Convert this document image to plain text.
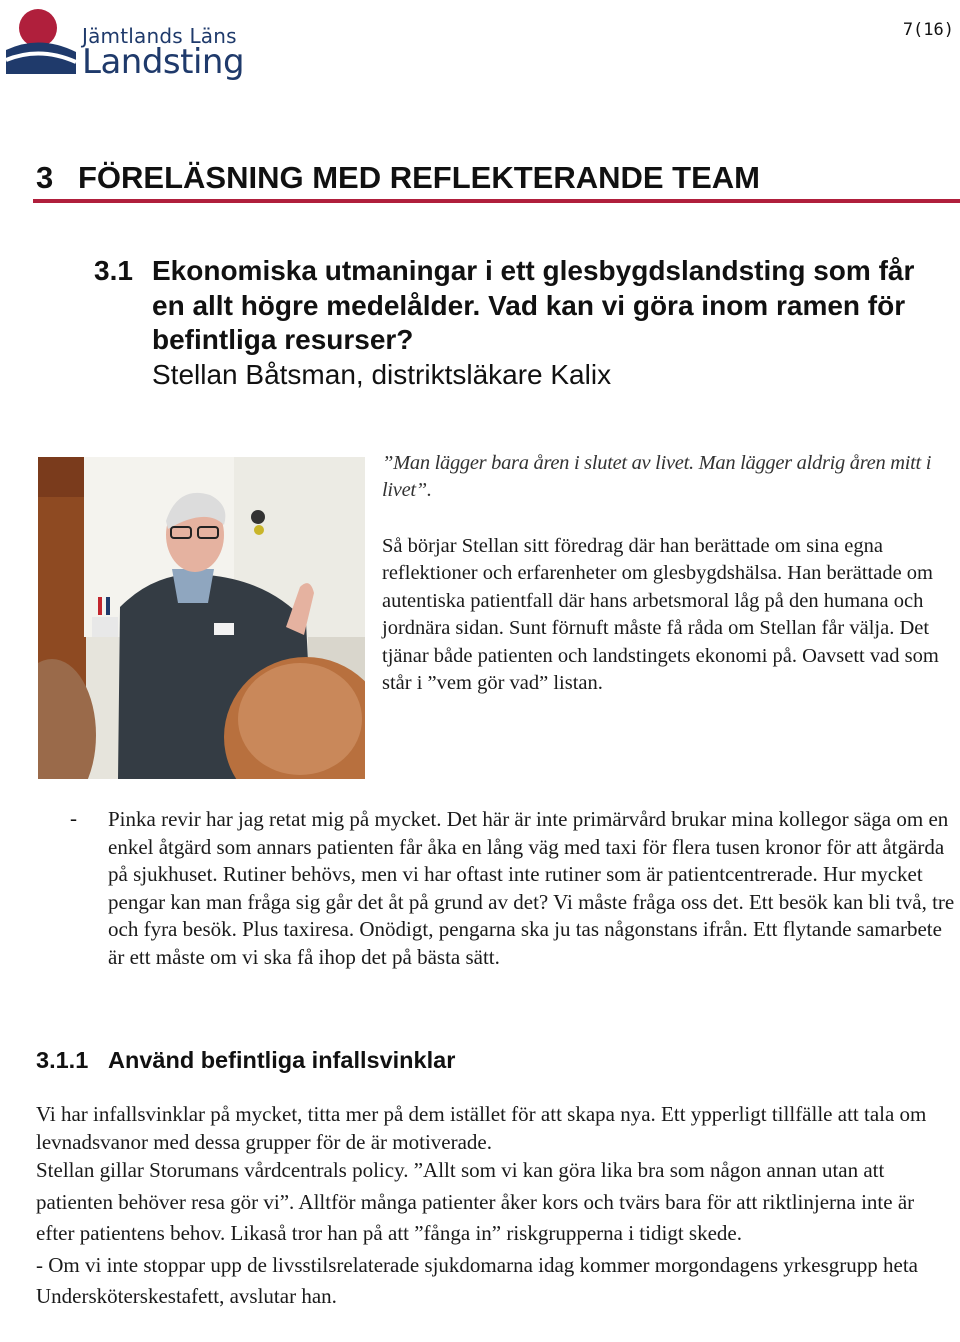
Jämtlands Läns
Landsting
7(16)
3 FÖRELÄSNING MED REFLEKTERANDE TEAM
3.1 Ekonomiska utmaningar i ett glesbygdslandsting som får en allt högre medelålder. Vad kan vi göra inom ramen för befintliga resurser?
Stellan Båtsman, distriktsläkare Kalix
”Man lägger bara åren i slutet av livet. Man lägger aldrig åren mitt i livet”.
Så börjar Stellan sitt föredrag där han berättade om sina egna reflektioner och erfarenheter om glesbygdshälsa. Han berättade om autentiska patientfall där hans arbetsmoral låg på den humana och jordnära sidan. Sunt förnuft måste få råda om Stellan får välja. Det tjänar både patienten och landstingets ekonomi på. Oavsett vad som står i ”vem gör vad” listan.
- Pinka revir har jag retat mig på mycket. Det här är inte primärvård brukar mina kollegor säga om en enkel åtgärd som annars patienten får åka en lång väg med taxi för flera tusen kronor för att åtgärda på sjukhuset. Rutiner behövs, men vi har oftast inte rutiner som är patientcentrerade. Hur mycket pengar kan man fråga sig går det åt på grund av det? Vi måste fråga oss det. Ett besök kan bli två, tre och fyra besök. Plus taxiresa. Onödigt, pengarna ska ju tas någonstans ifrån. Ett flytande samarbete är ett måste om vi ska få ihop det på bästa sätt.
3.1.1 Använd befintliga infallsvinklar
Vi har infallsvinklar på mycket, titta mer på dem istället för att skapa nya. Ett ypperligt tillfälle att tala om levnadsvanor med dessa grupper för de är motiverade.
Stellan gillar Storumans vårdcentrals policy. ”Allt som vi kan göra lika bra som någon annan utan att patienten behöver resa gör vi”. Alltför många patienter åker kors och tvärs bara för att riktlinjerna inte är efter patientens behov. Likaså tror han på att ”fånga in” riskgrupperna i tidigt skede.
- Om vi inte stoppar upp de livsstilsrelaterade sjukdomarna idag kommer morgondagens yrkesgrupp heta Undersköterskestafett, avslutar han.
